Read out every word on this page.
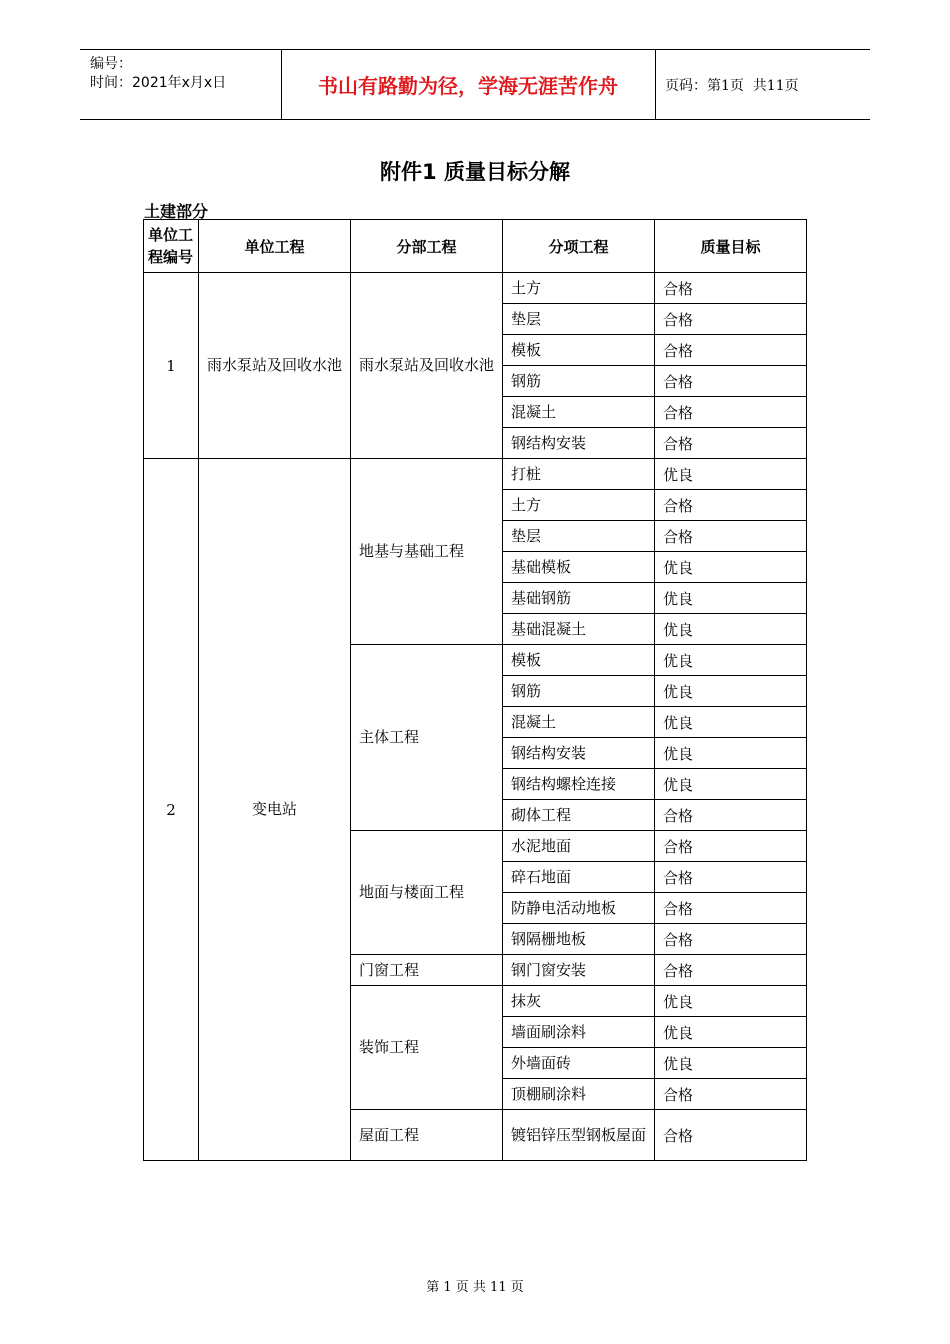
编号：
时间：2021年x月x日	书山有路勤为径，学海无涯苦作舟	页码：第1页  共11页
附件1 质量目标分解
土建部分
单位工程编号	单位工程	分部工程	分项工程	质量目标
1	雨水泵站及回收水池	雨水泵站及回收水池	土方	合格
			垫层	合格
			模板	合格
			钢筋	合格
			混凝土	合格
			钢结构安装	合格
2	变电站	地基与基础工程	打桩	优良
			土方	合格
			垫层	合格
			基础模板	优良
			基础钢筋	优良
			基础混凝土	优良
		主体工程	模板	优良
			钢筋	优良
			混凝土	优良
			钢结构安装	优良
			钢结构螺栓连接	优良
			砌体工程	合格
		地面与楼面工程	水泥地面	合格
			碎石地面	合格
			防静电活动地板	合格
			钢隔栅地板	合格
		门窗工程	钢门窗安装	合格
		装饰工程	抹灰	优良
			墙面刷涂料	优良
			外墙面砖	优良
			顶棚刷涂料	合格
		屋面工程	镀铝锌压型钢板屋面	合格
第 1 页 共 11 页
